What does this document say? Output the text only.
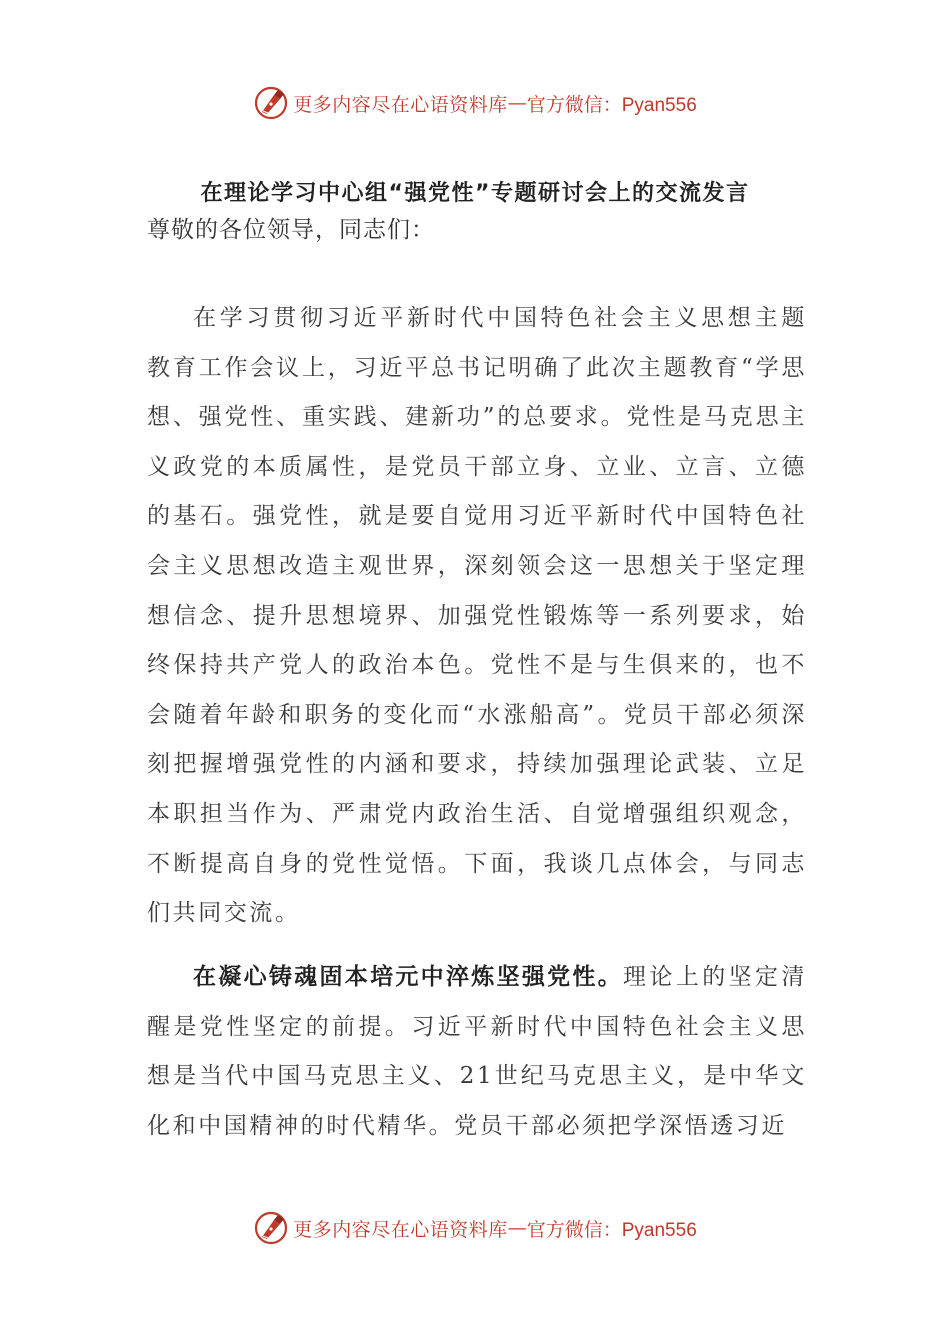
更多内容尽在心语资料库 — 官方微信：Pyan556
在理论学习中心组“强党性”专题研讨会上的交流发言
尊敬的各位领导，同志们：

在学习贯彻习近平新时代中国特色社会主义思想主题教育工作会议上，习近平总书记明确了此次主题教育“学思想、强党性、重实践、建新功”的总要求。党性是马克思主义政党的本质属性，是党员干部立身、立业、立言、立德的基石。强党性，就是要自觉用习近平新时代中国特色社会主义思想改造主观世界，深刻领会这一思想关于坚定理想信念、提升思想境界、加强党性锻炼等一系列要求，始终保持共产党人的政治本色。党性不是与生俱来的，也不会随着年龄和职务的变化而“水涨船高”。党员干部必须深刻把握增强党性的内涵和要求，持续加强理论武装、立足本职担当作为、严肃党内政治生活、自觉增强组织观念，不断提高自身的党性觉悟。下面，我谈几点体会，与同志们共同交流。

在凝心铸魂固本培元中淬炼坚强党性。理论上的坚定清醒是党性坚定的前提。习近平新时代中国特色社会主义思想是当代中国马克思主义、21世纪马克思主义，是中华文化和中国精神的时代精华。党员干部必须把学深悟透习近

更多内容尽在心语资料库 — 官方微信：Pyan556
